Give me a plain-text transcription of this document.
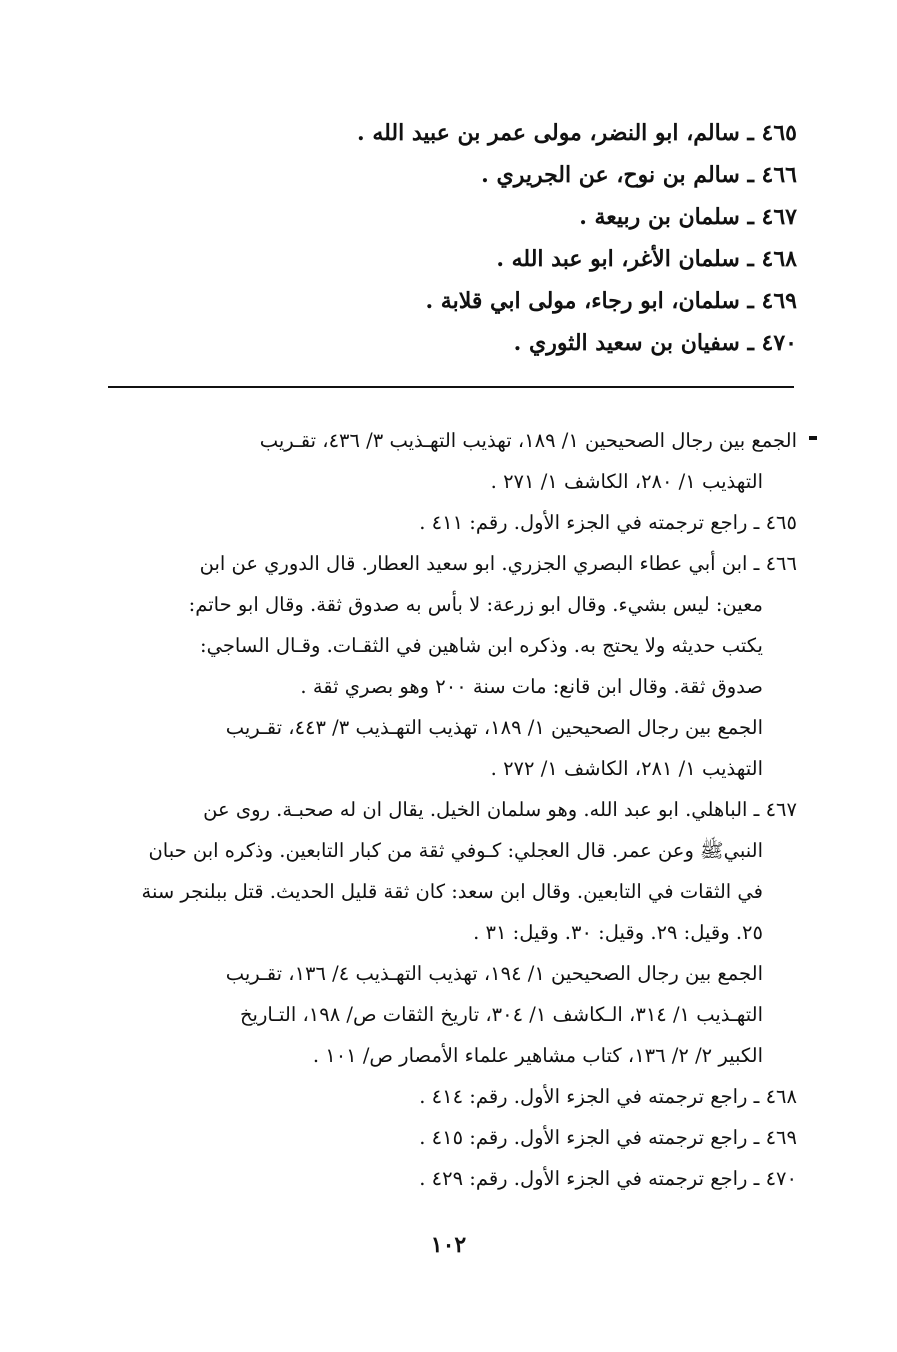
٤٦٥ ـ سالم، ابو النضر، مولى عمر بن عبيد الله .
٤٦٦ ـ سالم بن نوح، عن الجريري .
٤٦٧ ـ سلمان بن ربيعة .
٤٦٨ ـ سلمان الأغر، ابو عبد الله .
٤٦٩ ـ سلمان، ابو رجاء، مولى ابي قلابة .
٤٧٠ ـ سفيان بن سعيد الثوري .
الجمع بين رجال الصحيحين ١/ ١٨٩، تهذيب التهـذيب ٣/ ٤٣٦، تقـريب
التهذيب ١/ ٢٨٠، الكاشف ١/ ٢٧١ .
٤٦٥ ـ راجع ترجمته في الجزء الأول. رقم: ٤١١ .
٤٦٦ ـ ابن أبي عطاء البصري الجزري. ابو سعيد العطار. قال الدوري عن ابن
معين: ليس بشيء. وقال ابو زرعة: لا بأس به صدوق ثقة. وقال ابو حاتم:
يكتب حديثه ولا يحتج به. وذكره ابن شاهين في الثقـات. وقـال الساجي:
صدوق ثقة. وقال ابن قانع: مات سنة ٢٠٠ وهو بصري ثقة .
الجمع بين رجال الصحيحين ١/ ١٨٩، تهذيب التهـذيب ٣/ ٤٤٣، تقـريب
التهذيب ١/ ٢٨١، الكاشف ١/ ٢٧٢ .
٤٦٧ ـ الباهلي. ابو عبد الله. وهو سلمان الخيل. يقال ان له صحبـة. روى عن
النبيﷺ وعن عمر. قال العجلي: كـوفي ثقة من كبار التابعين. وذكره ابن حبان
في الثقات في التابعين. وقال ابن سعد: كان ثقة قليل الحديث. قتل ببلنجر سنة
٢٥. وقيل: ٢٩. وقيل: ٣٠. وقيل: ٣١ .
الجمع بين رجال الصحيحين ١/ ١٩٤، تهذيب التهـذيب ٤/ ١٣٦، تقـريب
التهـذيب ١/ ٣١٤، الـكاشف ١/ ٣٠٤، تاريخ الثقات ص/ ١٩٨، التـاريخ
الكبير ٢/ ٢/ ١٣٦، كتاب مشاهير علماء الأمصار ص/ ١٠١ .
٤٦٨ ـ راجع ترجمته في الجزء الأول. رقم: ٤١٤ .
٤٦٩ ـ راجع ترجمته في الجزء الأول. رقم: ٤١٥ .
٤٧٠ ـ راجع ترجمته في الجزء الأول. رقم: ٤٢٩ .
١٠٢
